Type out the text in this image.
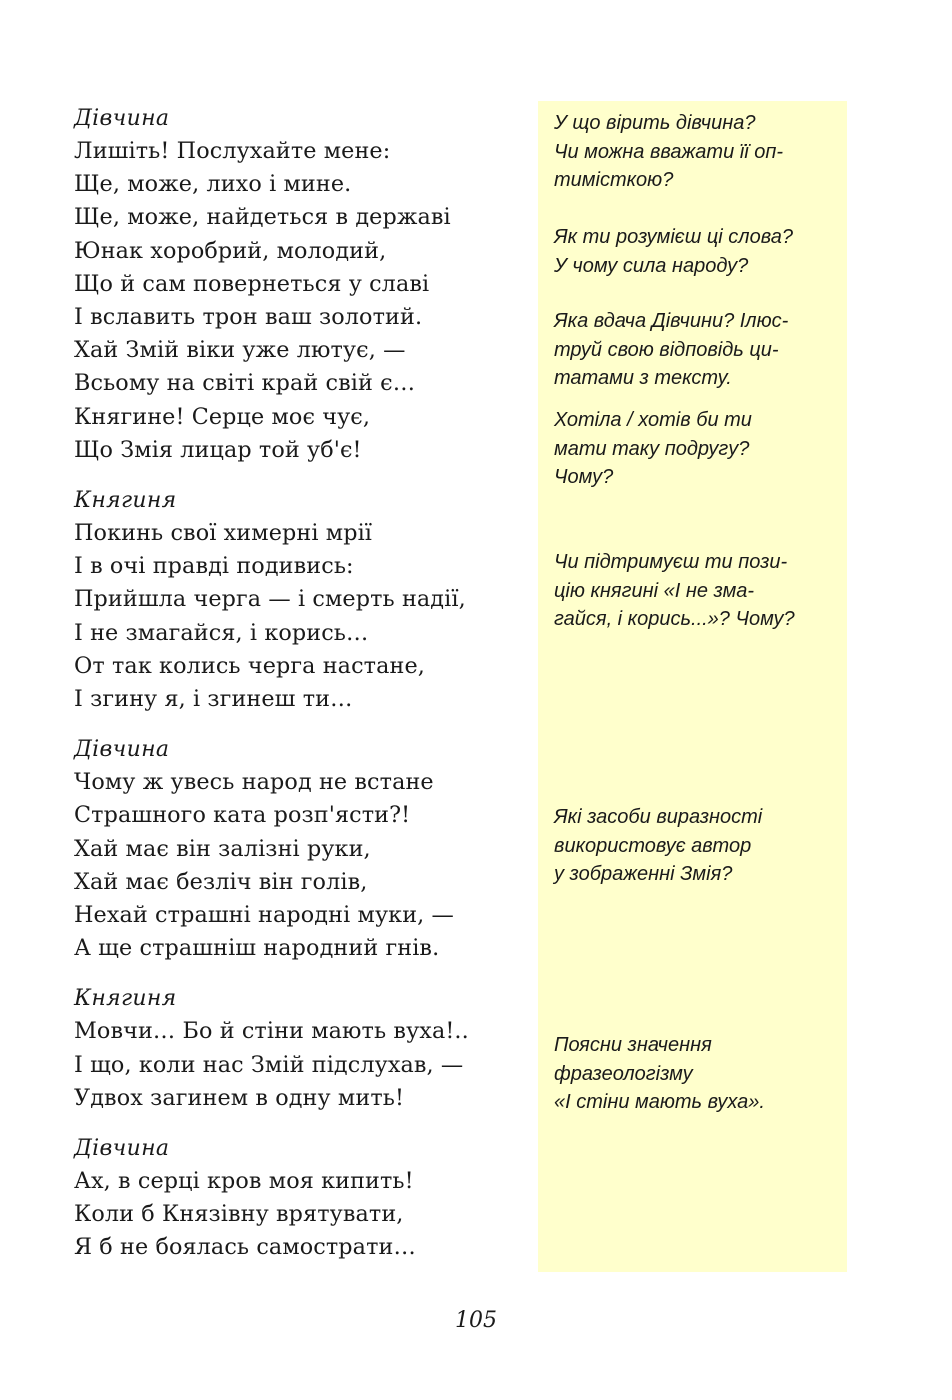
Дівчина
Лишіть! Послухайте мене:
Ще, може, лихо і мине.
Ще, може, найдеться в державі
Юнак хоробрий, молодий,
Що й сам повернеться у славі
І вславить трон ваш золотий.
Хай Змій віки уже лютує, —
Всьому на світі край свій є…
Княгине! Серце моє чує,
Що Змія лицар той уб'є!
Княгиня
Покинь свої химерні мрії
І в очі правді подивись:
Прийшла черга — і смерть надії,
І не змагайся, і корись…
От так колись черга настане,
І згину я, і згинеш ти…
Дівчина
Чому ж увесь народ не встане
Страшного ката розп'ясти?!
Хай має він залізні руки,
Хай має безліч він голів,
Нехай страшні народні муки, —
А ще страшніш народний гнів.
Княгиня
Мовчи… Бо й стіни мають вуха!..
І що, коли нас Змій підслухав, —
Удвох загинем в одну мить!
Дівчина
Ах, в серці кров моя кипить!
Коли б Князівну врятувати,
Я б не боялась самострати…
У що вірить дівчина?
Чи можна вважати її оп-
тимісткою?
Як ти розумієш ці слова?
У чому сила народу?
Яка вдача Дівчини? Ілюс-
труй свою відповідь ци-
татами з тексту.
Хотіла / хотів би ти
мати таку подругу?
Чому?
Чи підтримуєш ти пози-
цію княгині «І не зма-
гайся, і корись...»? Чому?
Які засоби виразності
використовує автор
у зображенні Змія?
Поясни значення
фразеологізму
«І стіни мають вуха».
105
